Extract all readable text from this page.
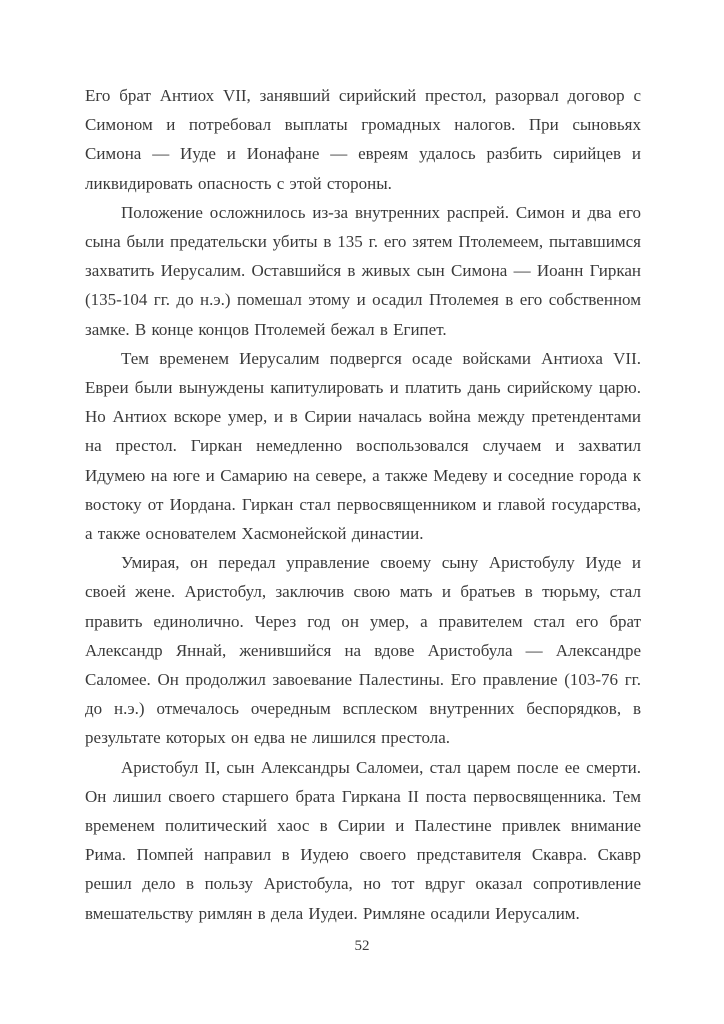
Его брат Антиох VII, занявший сирийский престол, разорвал договор с Симоном и потребовал выплаты громадных налогов. При сыновьях Симона — Иуде и Ионафане — евреям удалось разбить сирийцев и ликвидировать опасность с этой стороны.

Положение осложнилось из-за внутренних распрей. Симон и два его сына были предательски убиты в 135 г. его зятем Птолемеем, пытавшимся захватить Иерусалим. Оставшийся в живых сын Симона — Иоанн Гиркан (135-104 гг. до н.э.) помешал этому и осадил Птолемея в его собственном замке. В конце концов Птолемей бежал в Египет.

Тем временем Иерусалим подвергся осаде войсками Антиоха VII. Евреи были вынуждены капитулировать и платить дань сирийскому царю. Но Антиох вскоре умер, и в Сирии началась война между претендентами на престол. Гиркан немедленно воспользовался случаем и захватил Идумею на юге и Самарию на севере, а также Медеву и соседние города к востоку от Иордана. Гиркан стал первосвященником и главой государства, а также основателем Хасмонейской династии.

Умирая, он передал управление своему сыну Аристобулу Иуде и своей жене. Аристобул, заключив свою мать и братьев в тюрьму, стал править единолично. Через год он умер, а правителем стал его брат Александр Яннай, женившийся на вдове Аристобула — Александре Саломее. Он продолжил завоевание Палестины. Его правление (103-76 гг. до н.э.) отмечалось очередным всплеском внутренних беспорядков, в результате которых он едва не лишился престола.

Аристобул II, сын Александры Саломеи, стал царем после ее смерти. Он лишил своего старшего брата Гиркана II поста первосвященника. Тем временем политический хаос в Сирии и Палестине привлек внимание Рима. Помпей направил в Иудею своего представителя Скавра. Скавр решил дело в пользу Аристобула, но тот вдруг оказал сопротивление вмешательству римлян в дела Иудеи. Римляне осадили Иерусалим.

52
